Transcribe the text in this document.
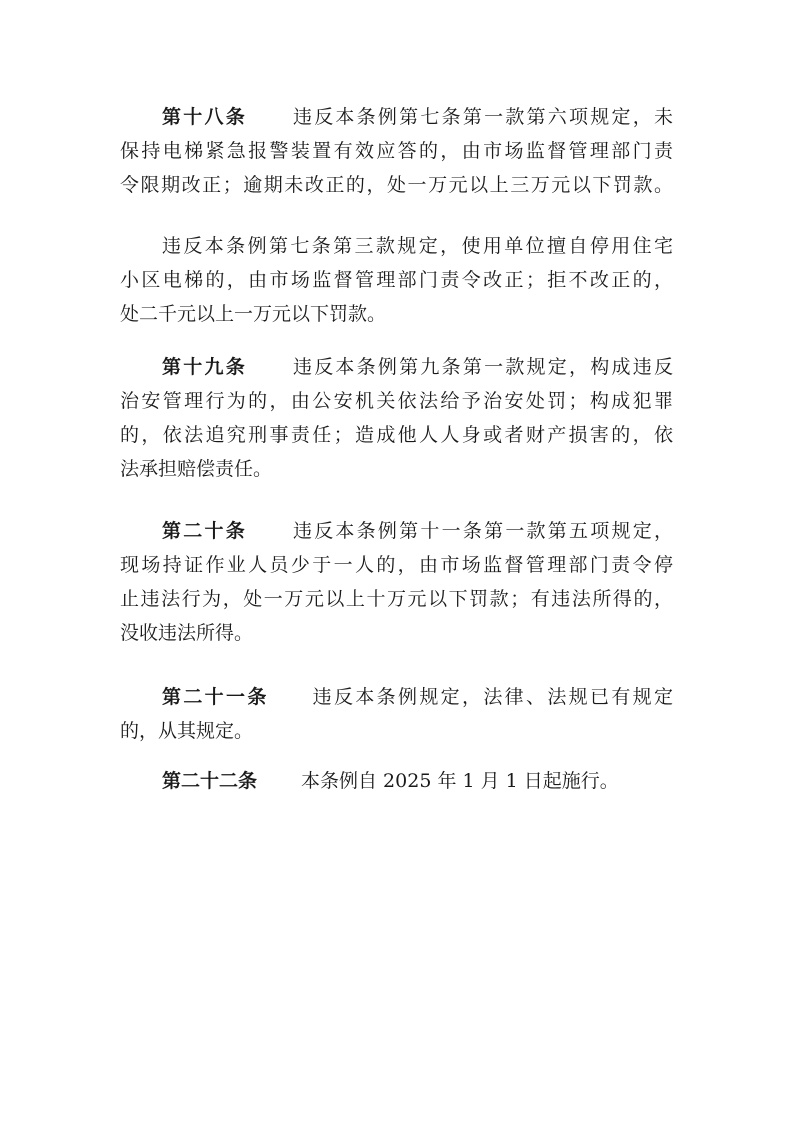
第十八条 违反本条例第七条第一款第六项规定，未
保持电梯紧急报警装置有效应答的，由市场监督管理部门责
令限期改正；逾期未改正的，处一万元以上三万元以下罚款。
违反本条例第七条第三款规定，使用单位擅自停用住宅
小区电梯的，由市场监督管理部门责令改正；拒不改正的，
处二千元以上一万元以下罚款。
第十九条 违反本条例第九条第一款规定，构成违反
治安管理行为的，由公安机关依法给予治安处罚；构成犯罪
的，依法追究刑事责任；造成他人人身或者财产损害的，依
法承担赔偿责任。
第二十条 违反本条例第十一条第一款第五项规定，
现场持证作业人员少于一人的，由市场监督管理部门责令停
止违法行为，处一万元以上十万元以下罚款；有违法所得的，
没收违法所得。
第二十一条 违反本条例规定，法律、法规已有规定
的，从其规定。
第二十二条 本条例自 2025 年 1 月 1 日起施行。
